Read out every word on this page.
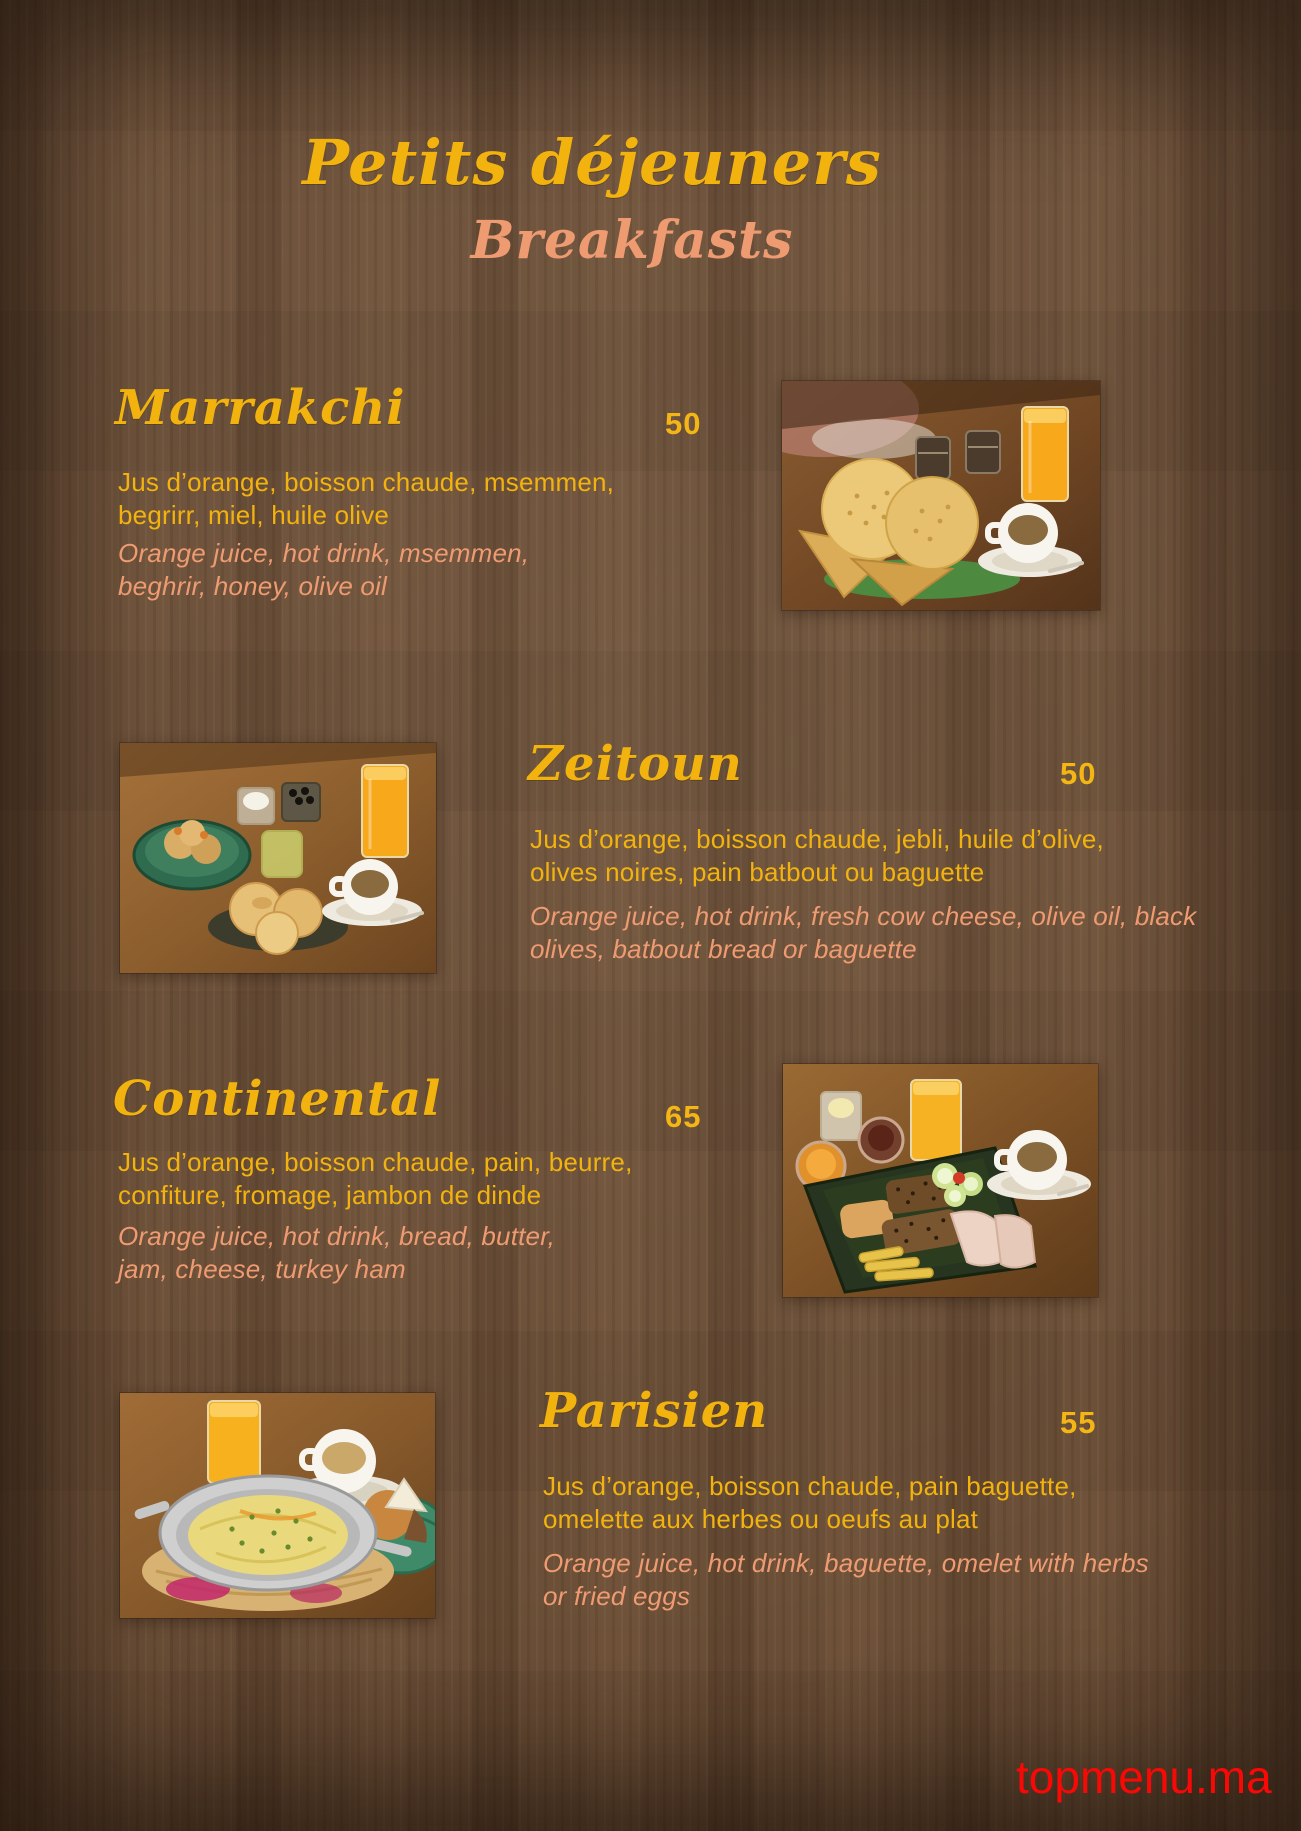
Petits déjeuners
Breakfasts
Marrakchi	50
Jus d’orange, boisson chaude, msemmen,
begrirr, miel, huile olive
Orange juice, hot drink, msemmen,
beghrir, honey, olive oil
Zeitoun	50
Jus d’orange, boisson chaude, jebli, huile d’olive,
olives noires, pain batbout ou baguette
Orange juice, hot drink, fresh cow cheese, olive oil, black
olives, batbout bread or baguette
Continental	65
Jus d’orange, boisson chaude, pain, beurre,
confiture, fromage, jambon de dinde
Orange juice, hot drink, bread, butter,
jam, cheese, turkey ham
Parisien	55
Jus d’orange, boisson chaude, pain baguette,
omelette aux herbes ou oeufs au plat
Orange juice, hot drink, baguette, omelet with herbs
or fried eggs
topmenu.ma
